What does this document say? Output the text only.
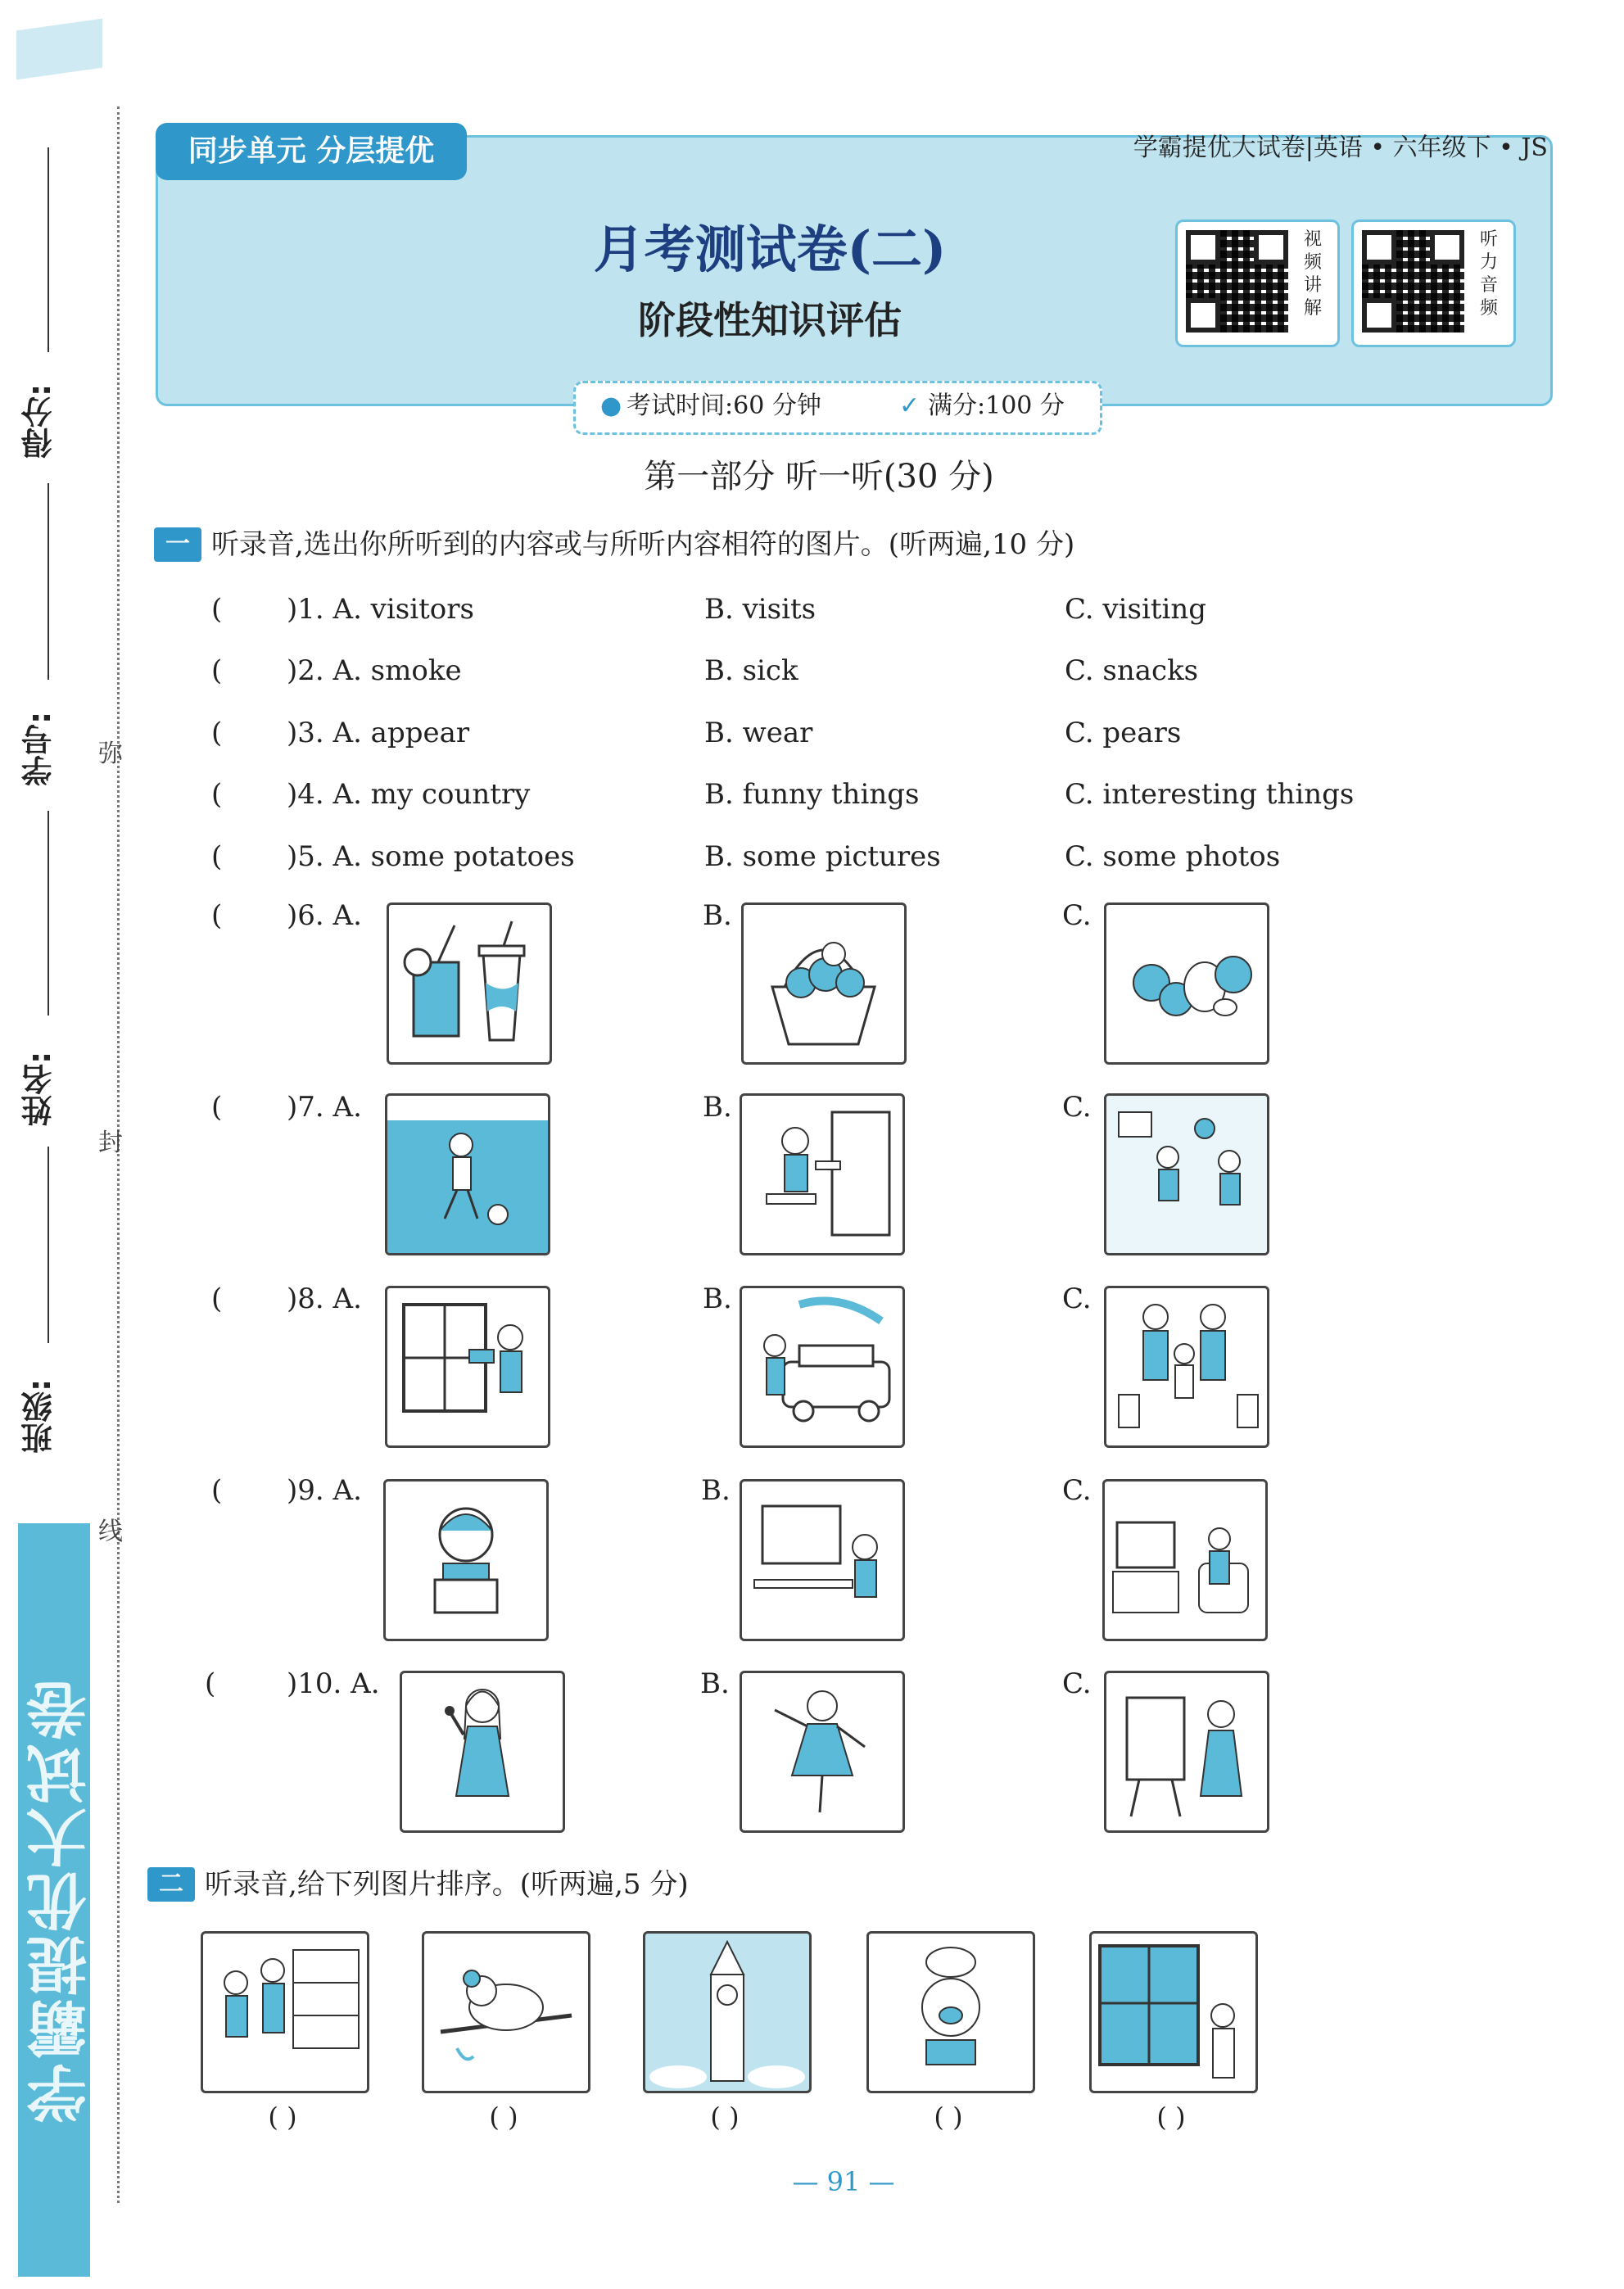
得分:
学号:
姓名:
班级:
学霸提优大试卷
弥
封
线
同步单元 分层提优	学霸提优大试卷|英语 • 六年级下 • JS
月考测试卷(二)
阶段性知识评估
视频讲解
听力音频
● 考试时间:60 分钟	✓ 满分:100 分
第一部分 听一听(30 分)
一 听录音,选出你所听到的内容或与所听内容相符的图片。(听两遍,10 分)
( )1. A. visitors	B. visits	C. visiting
( )2. A. smoke	B. sick	C. snacks
( )3. A. appear	B. wear	C. pears
( )4. A. my country	B. funny things	C. interesting things
( )5. A. some potatoes	B. some pictures	C. some photos
( )6. A.	B.	C.
( )7. A.	B.	C.
( )8. A.	B.	C.
( )9. A.	B.	C.
(	)10. A.	B.	C.
二 听录音,给下列图片排序。(听两遍,5 分)
( )	( )	( )	( )	( )
— 91 —
